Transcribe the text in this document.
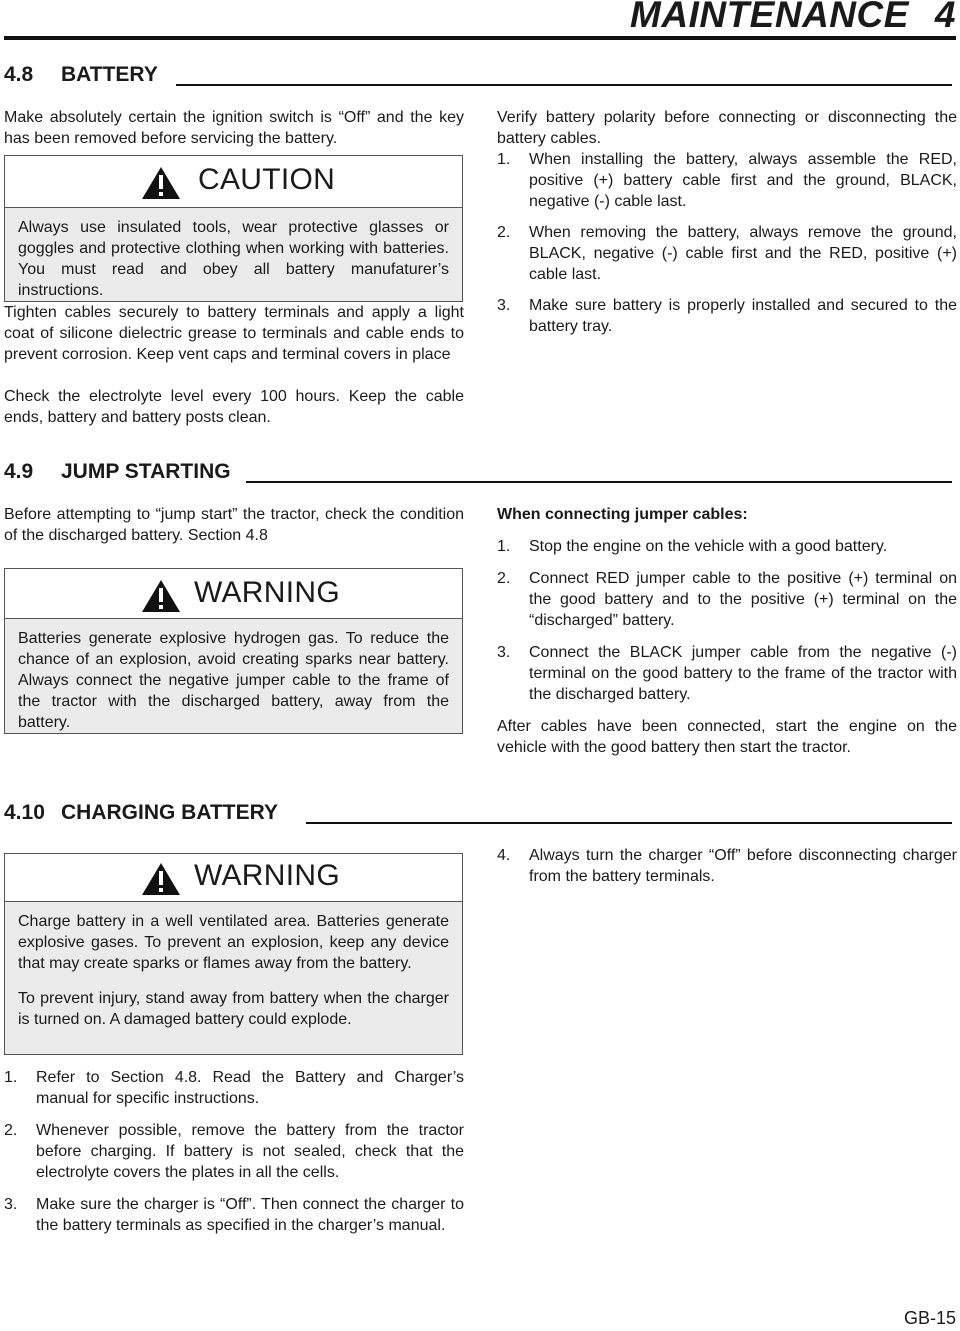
MAINTENANCE 4
4.8 BATTERY
Make absolutely certain the ignition switch is “Off” and the key has been removed before servicing the battery.
CAUTION
Always use insulated tools, wear protective glasses or goggles and protective clothing when working with batteries. You must read and obey all battery manufaturer’s instructions.
Tighten cables securely to battery terminals and apply a light coat of silicone dielectric grease to terminals and cable ends to prevent corrosion. Keep vent caps and terminal covers in place
Check the electrolyte level every 100 hours. Keep the cable ends, battery and battery posts clean.
Verify battery polarity before connecting or disconnecting the battery cables.
1. When installing the battery, always assemble the RED, positive (+) battery cable first and the ground, BLACK, negative (-) cable last.
2. When removing the battery, always remove the ground, BLACK, negative (-) cable first and the RED, positive (+) cable last.
3. Make sure battery is properly installed and secured to the battery tray.
4.9 JUMP STARTING
Before attempting to “jump start” the tractor, check the condition of the discharged battery. Section 4.8
WARNING
Batteries generate explosive hydrogen gas. To reduce the chance of an explosion, avoid creating sparks near battery. Always connect the negative jumper cable to the frame of the tractor with the discharged battery, away from the battery.
When connecting jumper cables:
1. Stop the engine on the vehicle with a good battery.
2. Connect RED jumper cable to the positive (+) terminal on the good battery and to the positive (+) terminal on the “discharged” battery.
3. Connect the BLACK jumper cable from the negative (-) terminal on the good battery to the frame of the tractor with the discharged battery.
After cables have been connected, start the engine on the vehicle with the good battery then start the tractor.
4.10 CHARGING BATTERY
WARNING
Charge battery in a well ventilated area. Batteries generate explosive gases. To prevent an explosion, keep any device that may create sparks or flames away from the battery.
To prevent injury, stand away from battery when the charger is turned on. A damaged battery could explode.
1. Refer to Section 4.8. Read the Battery and Charger’s manual for specific instructions.
2. Whenever possible, remove the battery from the tractor before charging. If battery is not sealed, check that the electrolyte covers the plates in all the cells.
3. Make sure the charger is “Off”. Then connect the charger to the battery terminals as specified in the charger’s manual.
4. Always turn the charger “Off” before disconnecting charger from the battery terminals.
GB-15
